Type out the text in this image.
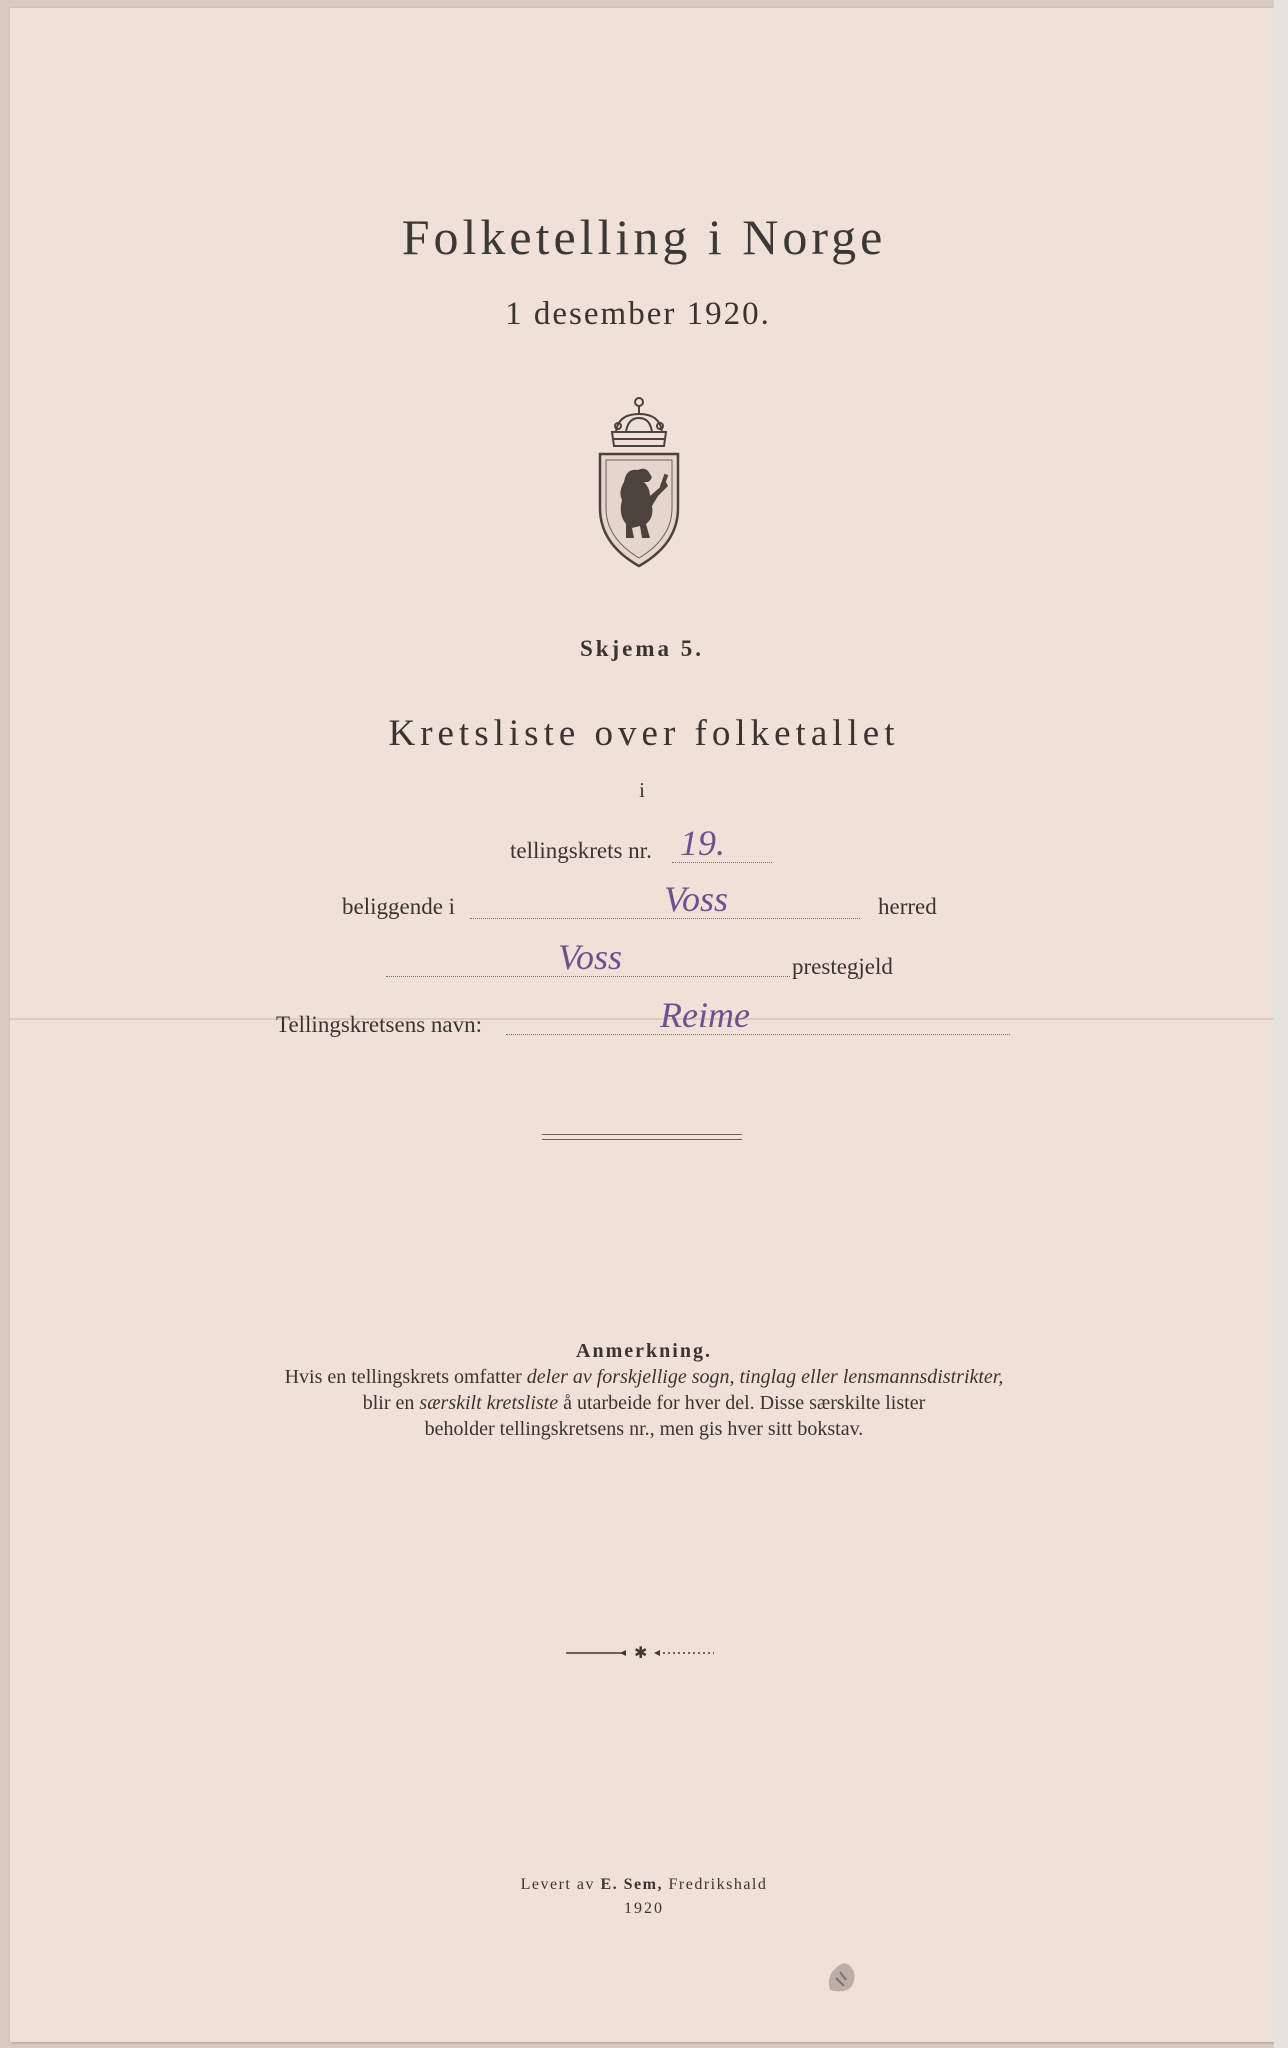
Folketelling i Norge
1 desember 1920.
Skjema 5.
Kretsliste over folketallet
i
tellingskrets nr. 19.
beliggende i	Voss	herred
Voss	prestegjeld
Tellingskretsens navn:	Reime
Anmerkning.
Hvis en tellingskrets omfatter deler av forskjellige sogn, tinglag eller lensmannsdistrikter,
blir en særskilt kretsliste å utarbeide for hver del. Disse særskilte lister
beholder tellingskretsens nr., men gis hver sitt bokstav.
✱
Levert av E. Sem, Fredrikshald
1920
